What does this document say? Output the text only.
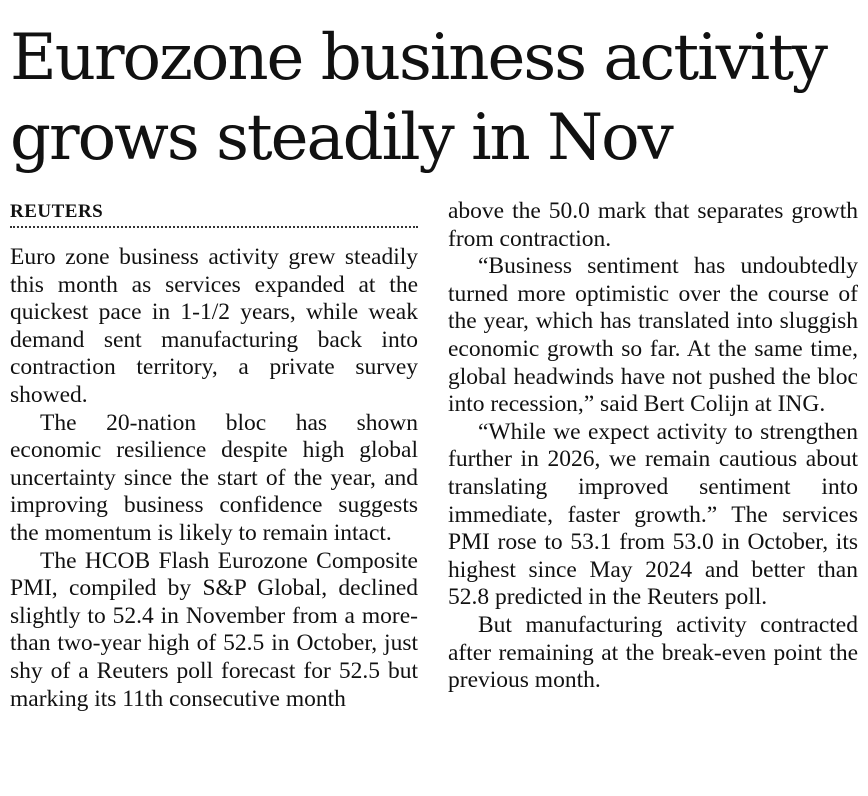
Eurozone business activity
grows steadily in Nov
REUTERS

Euro zone business activity grew steadily this month as services expanded at the quickest pace in 1-1/2 years, while weak demand sent manufacturing back into contraction territory, a private survey showed.

The 20-nation bloc has shown economic resilience despite high global uncertainty since the start of the year, and improving business confidence suggests the momentum is likely to remain intact.

The HCOB Flash Eurozone Composite PMI, compiled by S&P Global, declined slightly to 52.4 in November from a more-than two-year high of 52.5 in October, just shy of a Reuters poll forecast for 52.5 but marking its 11th consecutive month

above the 50.0 mark that separates growth from contraction.

“Business sentiment has undoubtedly turned more optimistic over the course of the year, which has translated into sluggish economic growth so far. At the same time, global headwinds have not pushed the bloc into recession,” said Bert Colijn at ING.

“While we expect activity to strengthen further in 2026, we remain cautious about translating improved sentiment into immediate, faster growth.” The services PMI rose to 53.1 from 53.0 in October, its highest since May 2024 and better than 52.8 predicted in the Reuters poll.

But manufacturing activity contracted after remaining at the break-even point the previous month.
